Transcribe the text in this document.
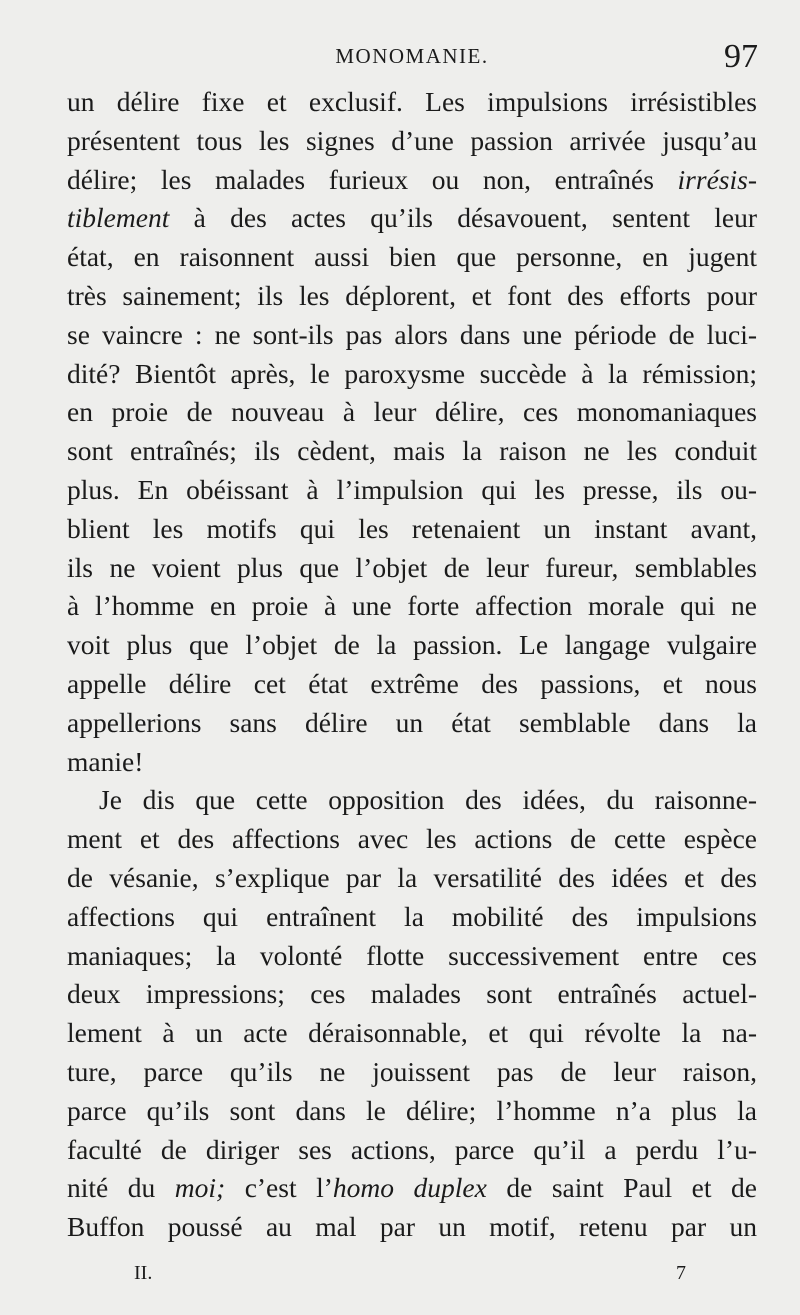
MONOMANIE.	97
un délire fixe et exclusif. Les impulsions irrésistibles
présentent tous les signes d’une passion arrivée jusqu’au
délire; les malades furieux ou non, entraînés irrésis-
tiblement à des actes qu’ils désavouent, sentent leur
état, en raisonnent aussi bien que personne, en jugent
très sainement; ils les déplorent, et font des efforts pour
se vaincre : ne sont-ils pas alors dans une période de luci-
dité? Bientôt après, le paroxysme succède à la rémission;
en proie de nouveau à leur délire, ces monomaniaques
sont entraînés; ils cèdent, mais la raison ne les conduit
plus. En obéissant à l’impulsion qui les presse, ils ou-
blient les motifs qui les retenaient un instant avant,
ils ne voient plus que l’objet de leur fureur, semblables
à l’homme en proie à une forte affection morale qui ne
voit plus que l’objet de la passion. Le langage vulgaire
appelle délire cet état extrême des passions, et nous
appellerions sans délire un état semblable dans la
manie!
Je dis que cette opposition des idées, du raisonne-
ment et des affections avec les actions de cette espèce
de vésanie, s’explique par la versatilité des idées et des
affections qui entraînent la mobilité des impulsions
maniaques; la volonté flotte successivement entre ces
deux impressions; ces malades sont entraînés actuel-
lement à un acte déraisonnable, et qui révolte la na-
ture, parce qu’ils ne jouissent pas de leur raison,
parce qu’ils sont dans le délire; l’homme n’a plus la
faculté de diriger ses actions, parce qu’il a perdu l’u-
nité du moi; c’est l’homo duplex de saint Paul et de
Buffon poussé au mal par un motif, retenu par un
II.	7
